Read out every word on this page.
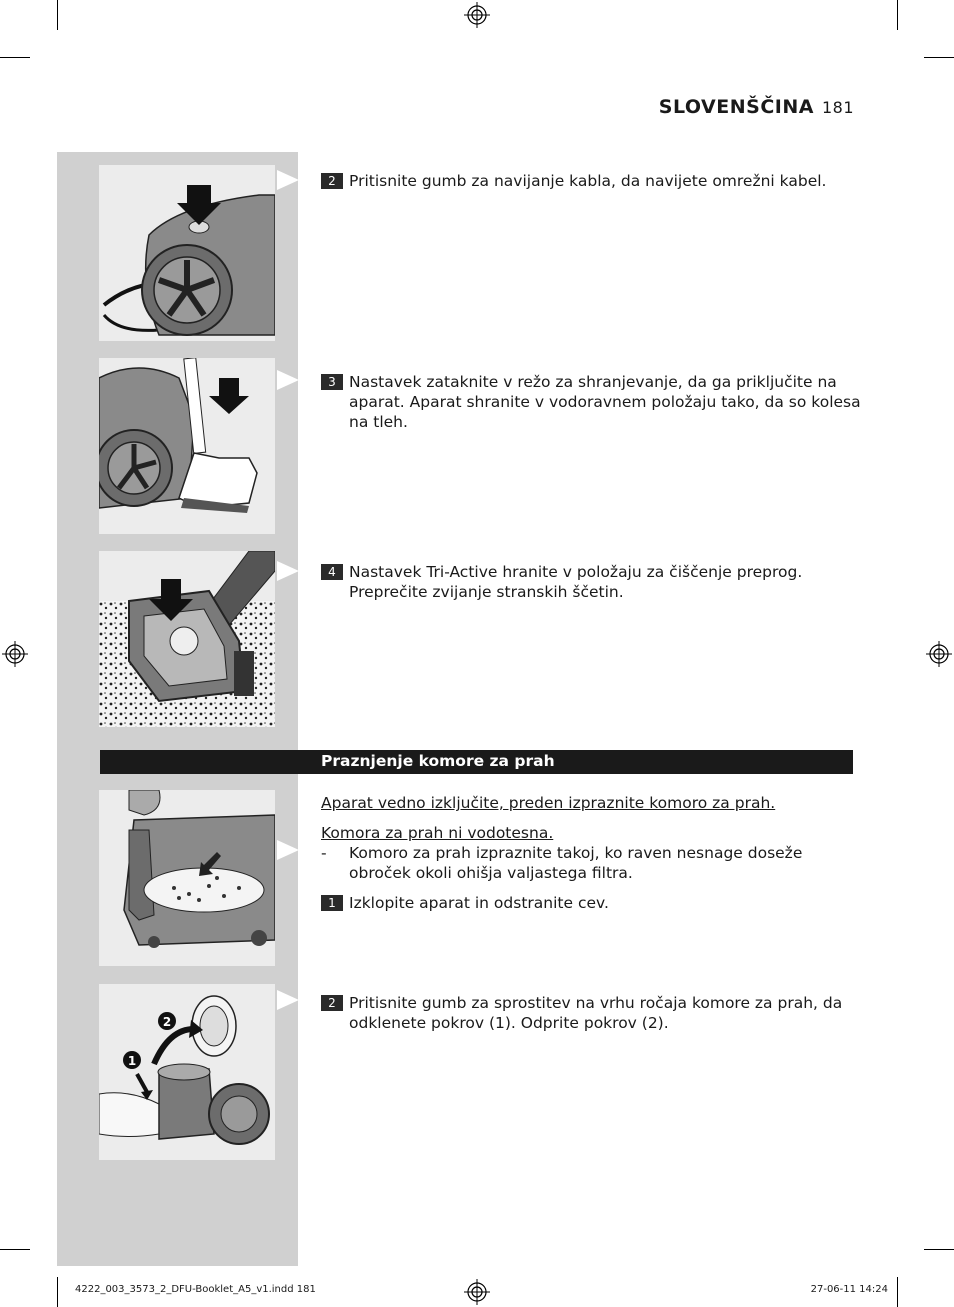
SLOVENŠČINA 181
Praznjenje komore za prah
2
1
2 Pritisnite gumb za navijanje kabla, da navijete omrežni kabel.
3 Nastavek zataknite v režo za shranjevanje, da ga priključite na aparat. Aparat shranite v vodoravnem položaju tako, da so kolesa na tleh.
4 Nastavek Tri-Active hranite v položaju za čiščenje preprog. Preprečite zvijanje stranskih ščetin.
Aparat vedno izključite, preden izpraznite komoro za prah.
Komora za prah ni vodotesna.
- Komoro za prah izpraznite takoj, ko raven nesnage doseže obroček okoli ohišja valjastega filtra.
1 Izklopite aparat in odstranite cev.
2 Pritisnite gumb za sprostitev na vrhu ročaja komore za prah, da odklenete pokrov (1). Odprite pokrov (2).
4222_003_3573_2_DFU-Booklet_A5_v1.indd 181	27-06-11 14:24
